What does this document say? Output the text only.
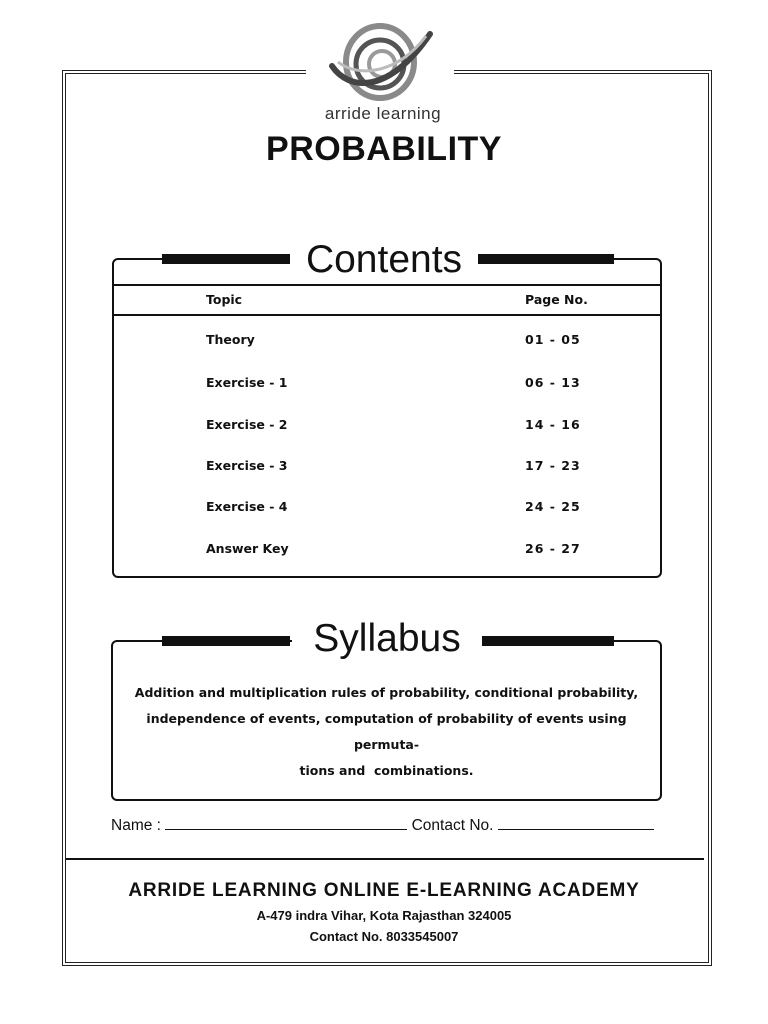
arride learning
PROBABILITY
Topic	Page No.
Theory	01 - 05
Exercise - 1	06 - 13
Exercise - 2	14 - 16
Exercise - 3	17 - 23
Exercise - 4	24 - 25
Answer Key	26 - 27
Contents
Addition and multiplication rules of probability, conditional probability,
independence of events, computation of probability of events using permuta-
tions and  combinations.
Syllabus
Name :	Contact No.
ARRIDE LEARNING ONLINE E-LEARNING ACADEMY
A-479 indra Vihar, Kota Rajasthan 324005
Contact No. 8033545007
